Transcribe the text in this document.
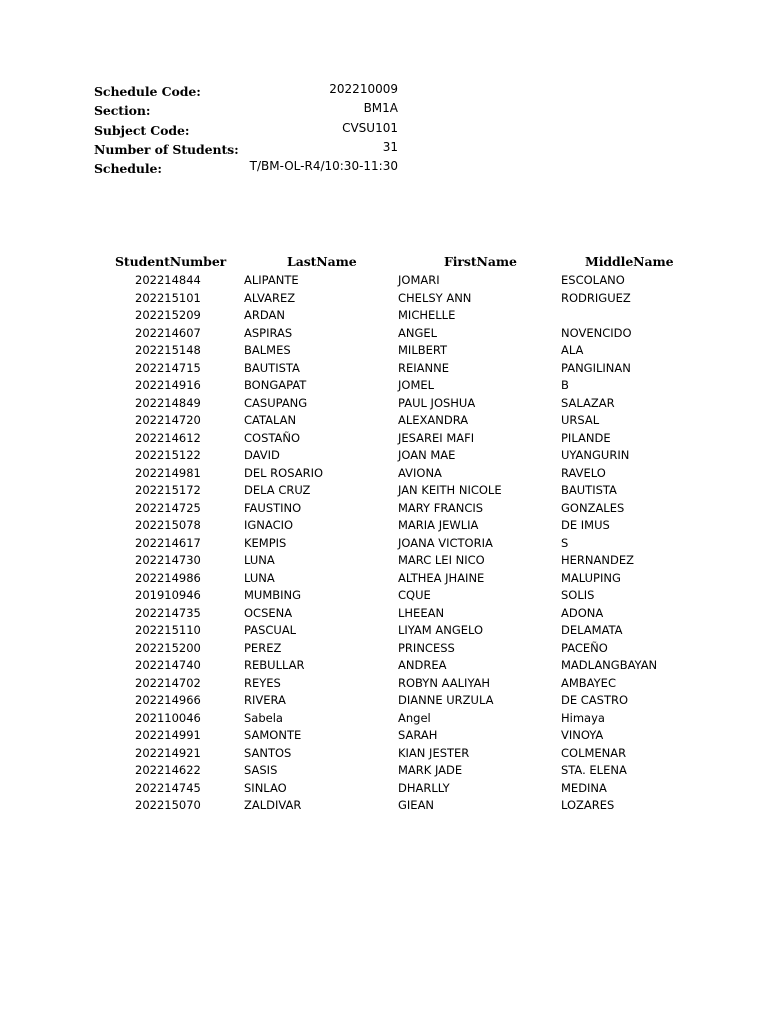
Schedule Code:	202210009
Section:	BM1A
Subject Code:	CVSU101
Number of Students:	31
Schedule:	T/BM-OL-R4/10:30-11:30
StudentNumber	LastName	FirstName	MiddleName
202214844	ALIPANTE	JOMARI	ESCOLANO
202215101	ALVAREZ	CHELSY ANN	RODRIGUEZ
202215209	ARDAN	MICHELLE
202214607	ASPIRAS	ANGEL	NOVENCIDO
202215148	BALMES	MILBERT	ALA
202214715	BAUTISTA	REIANNE	PANGILINAN
202214916	BONGAPAT	JOMEL	B
202214849	CASUPANG	PAUL JOSHUA	SALAZAR
202214720	CATALAN	ALEXANDRA	URSAL
202214612	COSTAÑO	JESAREI MAFI	PILANDE
202215122	DAVID	JOAN MAE	UYANGURIN
202214981	DEL ROSARIO	AVIONA	RAVELO
202215172	DELA CRUZ	JAN KEITH NICOLE	BAUTISTA
202214725	FAUSTINO	MARY FRANCIS	GONZALES
202215078	IGNACIO	MARIA JEWLIA	DE IMUS
202214617	KEMPIS	JOANA VICTORIA	S
202214730	LUNA	MARC LEI NICO	HERNANDEZ
202214986	LUNA	ALTHEA JHAINE	MALUPING
201910946	MUMBING	CQUE	SOLIS
202214735	OCSENA	LHEEAN	ADONA
202215110	PASCUAL	LIYAM ANGELO	DELAMATA
202215200	PEREZ	PRINCESS	PACEÑO
202214740	REBULLAR	ANDREA	MADLANGBAYAN
202214702	REYES	ROBYN AALIYAH	AMBAYEC
202214966	RIVERA	DIANNE URZULA	DE CASTRO
202110046	Sabela	Angel	Himaya
202214991	SAMONTE	SARAH	VINOYA
202214921	SANTOS	KIAN JESTER	COLMENAR
202214622	SASIS	MARK JADE	STA. ELENA
202214745	SINLAO	DHARLLY	MEDINA
202215070	ZALDIVAR	GIEAN	LOZARES
